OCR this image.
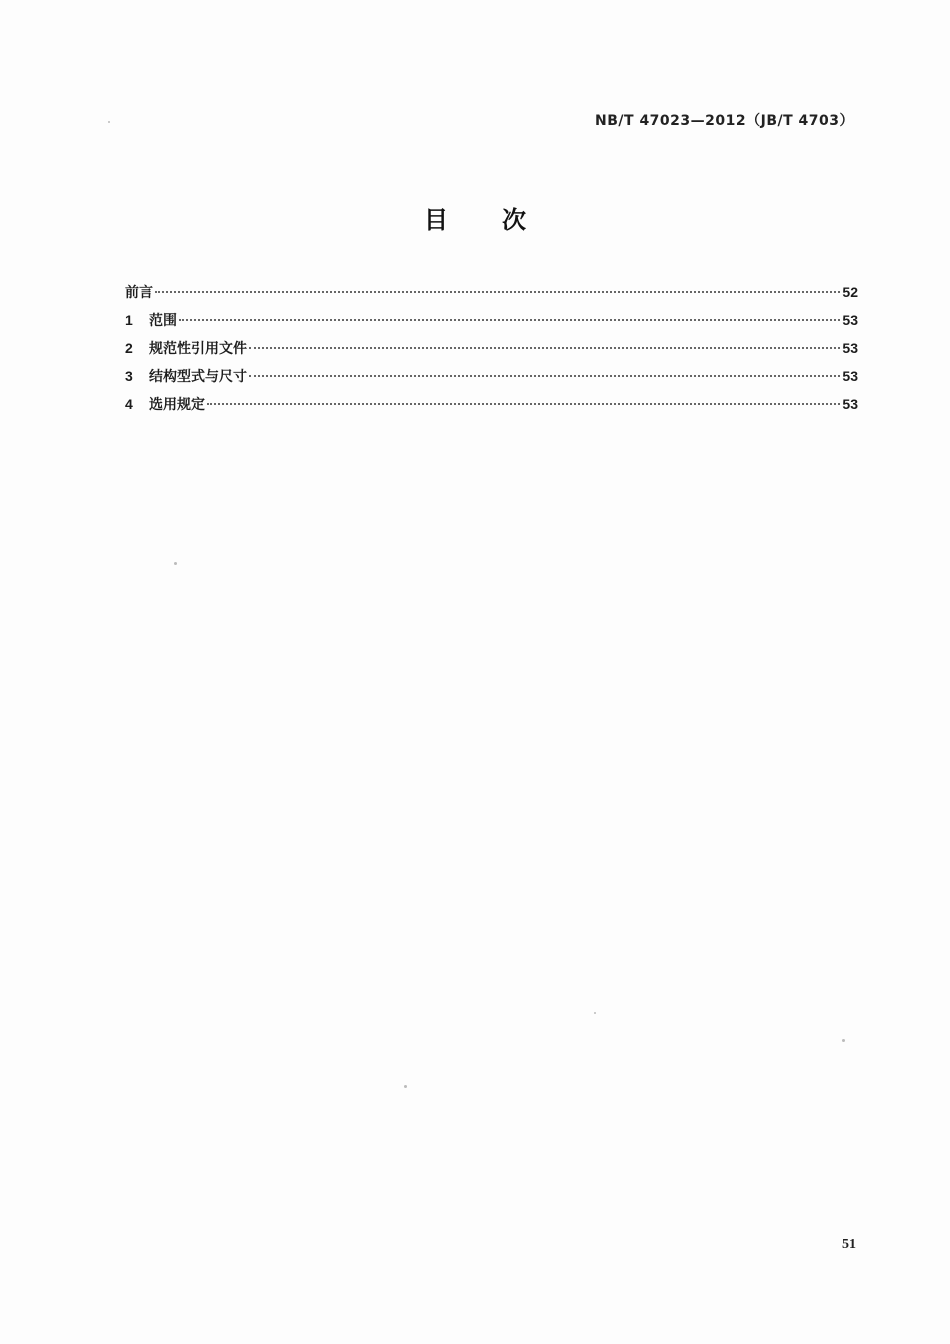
NB/T 47023—2012（JB/T 4703）
目次
前言	52
1	范围	53
2	规范性引用文件	53
3	结构型式与尺寸	53
4	选用规定	53
51
